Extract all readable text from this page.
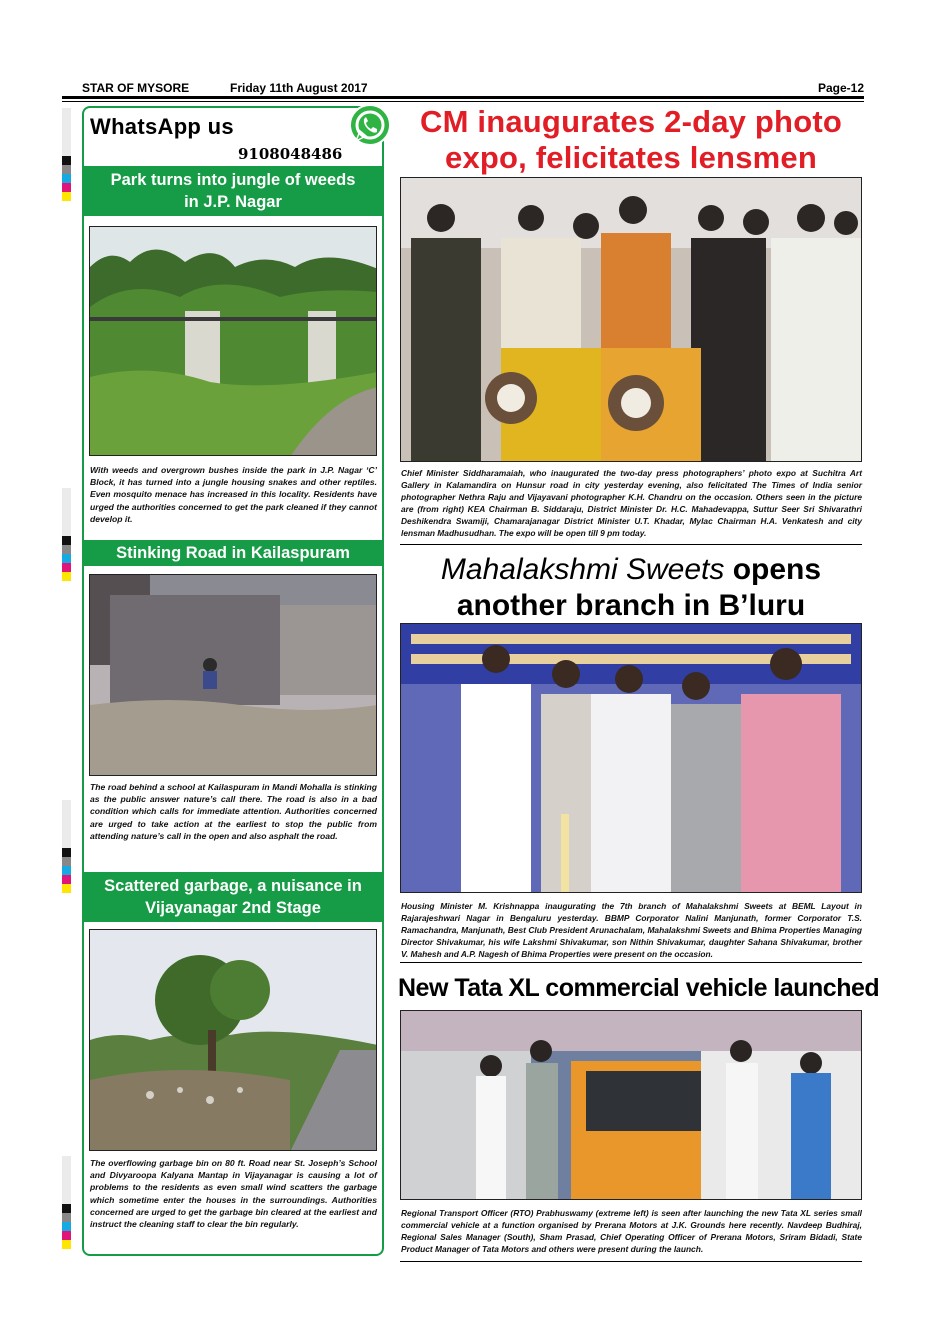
STAR OF MYSORE	Friday 11th August 2017	Page-12
WhatsApp us
9108048486
Park turns into jungle of weeds
in J.P. Nagar
With weeds and overgrown bushes inside the park in J.P. Nagar ‘C’ Block, it has turned into a jungle housing snakes and other reptiles. Even mosquito menace has increased in this locality. Residents have urged the authorities concerned to get the park cleaned if they cannot develop it.
Stinking Road in Kailaspuram
The road behind a school at Kailaspuram in Mandi Mohalla is stinking as the public answer nature’s call there. The road is also in a bad condition which calls for immediate attention. Authorities concerned are urged to take action at the earliest to stop the public from attending nature’s call in the open and also asphalt the road.
Scattered garbage, a nuisance in
Vijayanagar 2nd Stage
The overflowing garbage bin on 80 ft. Road near St. Joseph’s School and Divyaroopa Kalyana Mantap in Vijayanagar is causing a lot of problems to the residents as even small wind scatters the garbage which sometime enter the houses in the surroundings. Authorities concerned are urged to get the garbage bin cleared at the earliest and instruct the cleaning staff to clear the bin regularly.
CM inaugurates 2-day photo
expo, felicitates lensmen
Chief Minister Siddharamaiah, who inaugurated the two-day press photographers’ photo expo at Suchitra Art Gallery in Kalamandira on Hunsur road in city yesterday evening, also felicitated The Times of India senior photographer Nethra Raju and Vijayavani photographer K.H. Chandru on the occasion. Others seen in the picture are (from right) KEA Chairman B. Siddaraju, District Minister Dr. H.C. Mahadevappa, Suttur Seer Sri Shivarathri Deshikendra Swamiji, Chamarajanagar District Minister U.T. Khadar, Mylac Chairman H.A. Venkatesh and city lensman Madhusudhan. The expo will be open till 9 pm today.
Mahalakshmi Sweets opens
another branch in B’luru
Housing Minister M. Krishnappa inaugurating the 7th branch of Mahalakshmi Sweets at BEML Layout in Rajarajeshwari Nagar in Bengaluru yesterday. BBMP Corporator Nalini Manjunath, former Corporator T.S. Ramachandra, Manjunath, Best Club President Arunachalam, Mahalakshmi Sweets and Bhima Properties Managing Director Shivakumar, his wife Lakshmi Shivakumar, son Nithin Shivakumar, daughter Sahana Shivakumar, brother V. Mahesh and A.P. Nagesh of Bhima Properties were present on the occasion.
New Tata XL commercial vehicle launched
Regional Transport Officer (RTO) Prabhuswamy (extreme left) is seen after launching the new Tata XL series small commercial vehicle at a function organised by Prerana Motors at J.K. Grounds here recently. Navdeep Budhiraj, Regional Sales Manager (South), Sham Prasad, Chief Operating Officer of Prerana Motors, Sriram Bidadi, State Product Manager of Tata Motors and others were present during the launch.
